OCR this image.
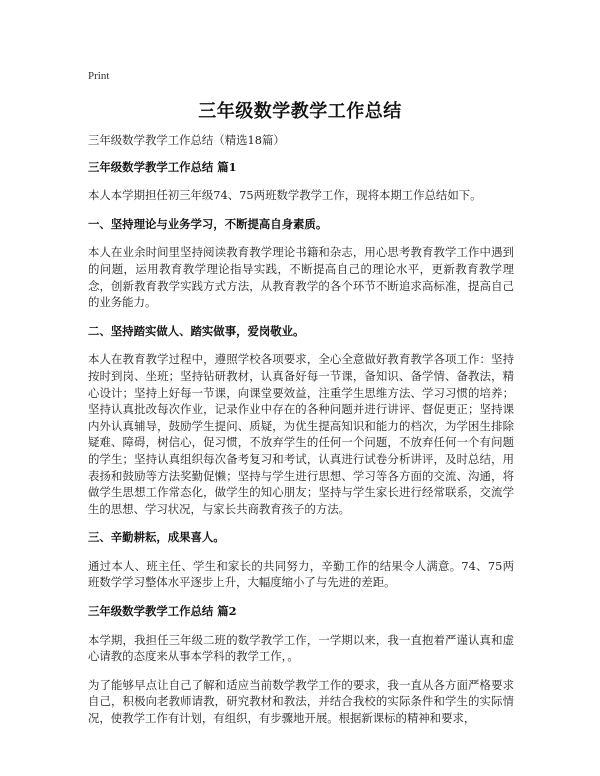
Print
三年级数学教学工作总结

三年级数学教学工作总结（精选18篇）

三年级数学教学工作总结 篇1

本人本学期担任初三年级74、75两班数学教学工作，现将本期工作总结如下。

一、坚持理论与业务学习，不断提高自身素质。

本人在业余时间里坚持阅读教育教学理论书籍和杂志，用心思考教育教学工作中遇到的问题，运用教育教学理论指导实践，不断提高自己的理论水平，更新教育教学理念，创新教育教学实践方式方法，从教育教学的各个环节不断追求高标准，提高自己的业务能力。

二、坚持踏实做人、踏实做事，爱岗敬业。

本人在教育教学过程中，遵照学校各项要求，全心全意做好教育教学各项工作：坚持按时到岗、坐班；坚持钻研教材，认真备好每一节课，备知识、备学情、备教法，精心设计；坚持上好每一节课，向课堂要效益，注重学生思维方法、学习习惯的培养；坚持认真批改每次作业，记录作业中存在的各种问题并进行讲评、督促更正；坚持课内外认真辅导，鼓励学生提问、质疑，为优生提高知识和能力的档次，为学困生排除疑难、障碍，树信心，促习惯，不放弃学生的任何一个问题，不放弃任何一个有问题的学生；坚持认真组织每次备考复习和考试，认真进行试卷分析讲评，及时总结，用表扬和鼓励等方法奖勤促懒；坚持与学生进行思想、学习等各方面的交流、沟通，将做学生思想工作常态化，做学生的知心朋友；坚持与学生家长进行经常联系，交流学生的思想、学习状况，与家长共商教育孩子的方法。

三、辛勤耕耘，成果喜人。

通过本人、班主任、学生和家长的共同努力，辛勤工作的结果令人满意。74、75两班数学学习整体水平逐步上升，大幅度缩小了与先进的差距。

三年级数学教学工作总结 篇2

本学期，我担任三年级二班的数学教学工作，一学期以来，我一直抱着严谨认真和虚心请教的态度来从事本学科的教学工作，。

为了能够早点让自己了解和适应当前数学教学工作的要求，我一直从各方面严格要求自己，积极向老教师请教，研究教材和教法，并结合我校的实际条件和学生的实际情况，使教学工作有计划，有组织，有步骤地开展。根据新课标的精神和要求，
